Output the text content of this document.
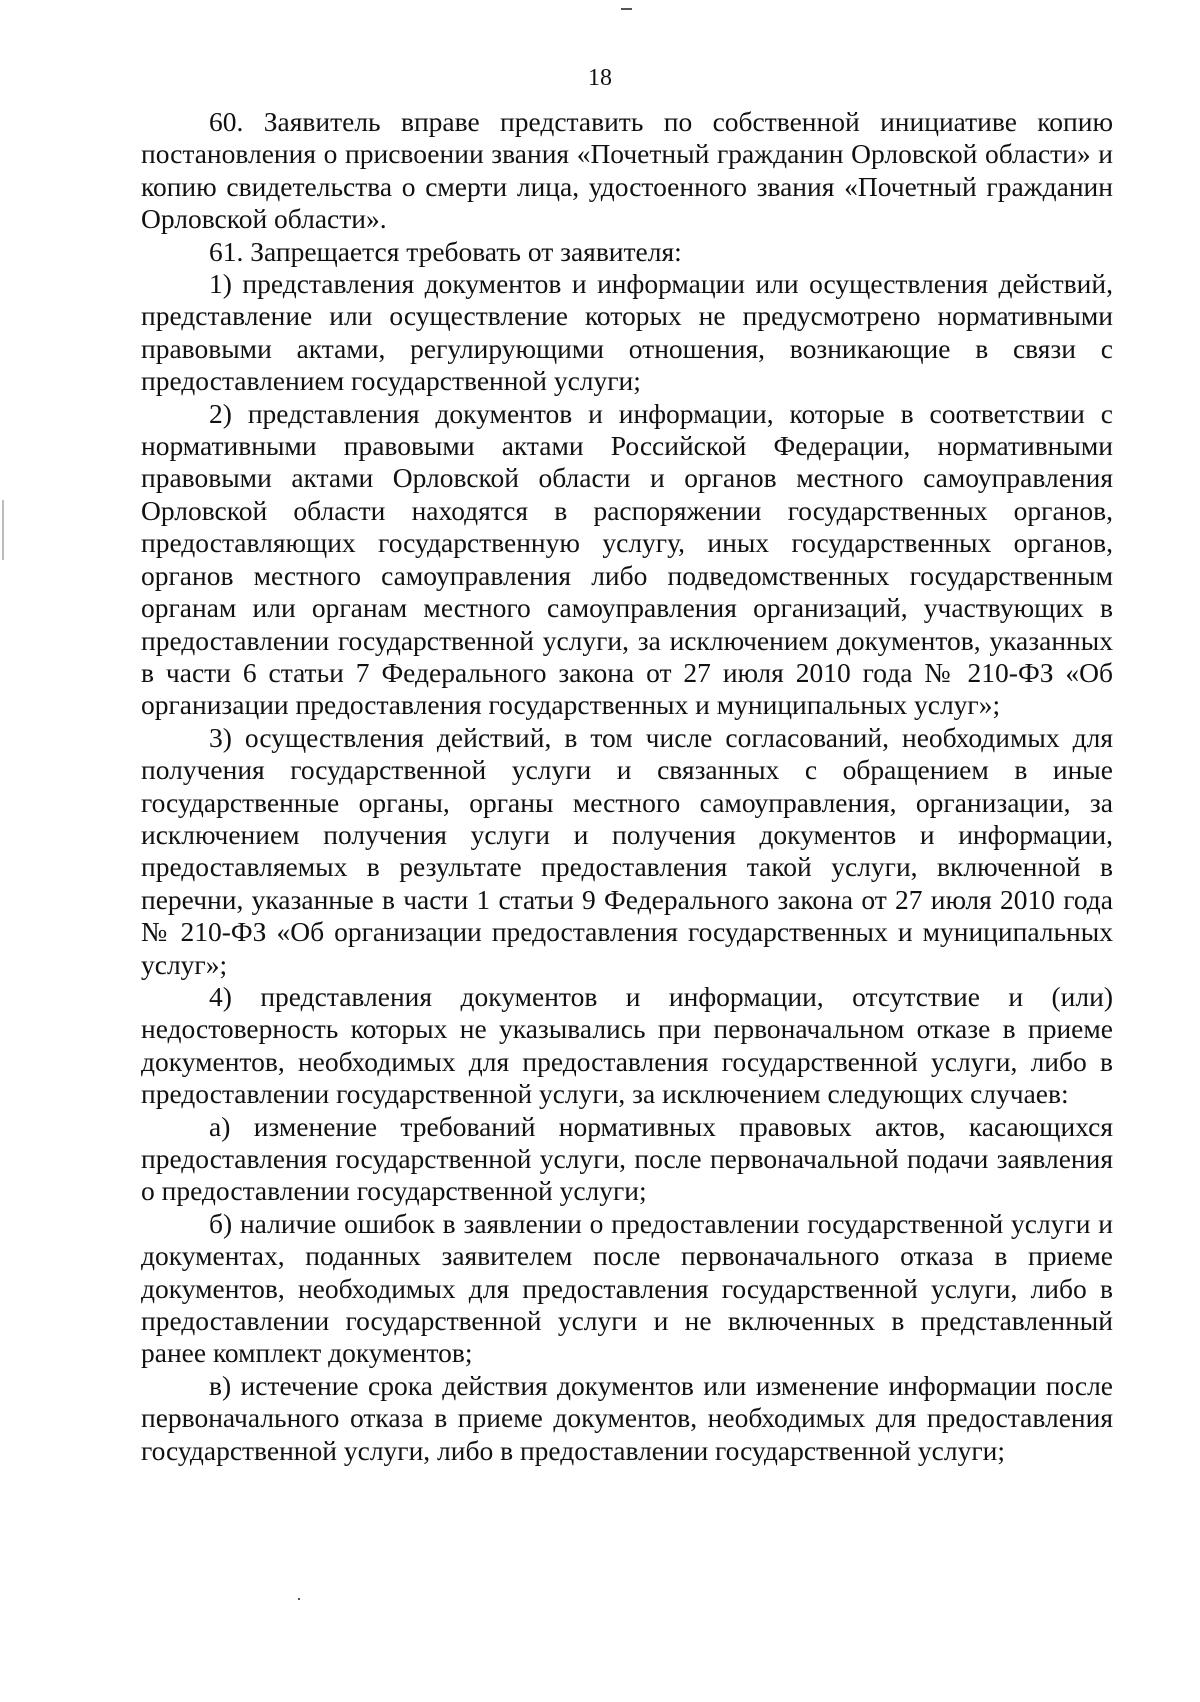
18

60. Заявитель вправе представить по собственной инициативе копию постановления о присвоении звания «Почетный гражданин Орловской области» и копию свидетельства о смерти лица, удостоенного звания «Почетный гражданин Орловской области».

61. Запрещается требовать от заявителя:

1) представления документов и информации или осуществления действий, представление или осуществление которых не предусмотрено нормативными правовыми актами, регулирующими отношения, возникающие в связи с предоставлением государственной услуги;

2) представления документов и информации, которые в соответствии с нормативными правовыми актами Российской Федерации, нормативными правовыми актами Орловской области и органов местного самоуправления Орловской области находятся в распоряжении государственных органов, предоставляющих государственную услугу, иных государственных органов, органов местного самоуправления либо подведомственных государственным органам или органам местного самоуправления организаций, участвующих в предоставлении государственной услуги, за исключением документов, указанных в части 6 статьи 7 Федерального закона от 27 июля 2010 года № 210-ФЗ «Об организации предоставления государственных и муниципальных услуг»;

3) осуществления действий, в том числе согласований, необходимых для получения государственной услуги и связанных с обращением в иные государственные органы, органы местного самоуправления, организации, за исключением получения услуги и получения документов и информации, предоставляемых в результате предоставления такой услуги, включенной в перечни, указанные в части 1 статьи 9 Федерального закона от 27 июля 2010 года № 210-ФЗ «Об организации предоставления государственных и муниципальных услуг»;

4) представления документов и информации, отсутствие и (или) недостоверность которых не указывались при первоначальном отказе в приеме документов, необходимых для предоставления государственной услуги, либо в предоставлении государственной услуги, за исключением следующих случаев:

а) изменение требований нормативных правовых актов, касающихся предоставления государственной услуги, после первоначальной подачи заявления о предоставлении государственной услуги;

б) наличие ошибок в заявлении о предоставлении государственной услуги и документах, поданных заявителем после первоначального отказа в приеме документов, необходимых для предоставления государственной услуги, либо в предоставлении государственной услуги и не включенных в представленный ранее комплект документов;

в) истечение срока действия документов или изменение информации после первоначального отказа в приеме документов, необходимых для предоставления государственной услуги, либо в предоставлении государственной услуги;
